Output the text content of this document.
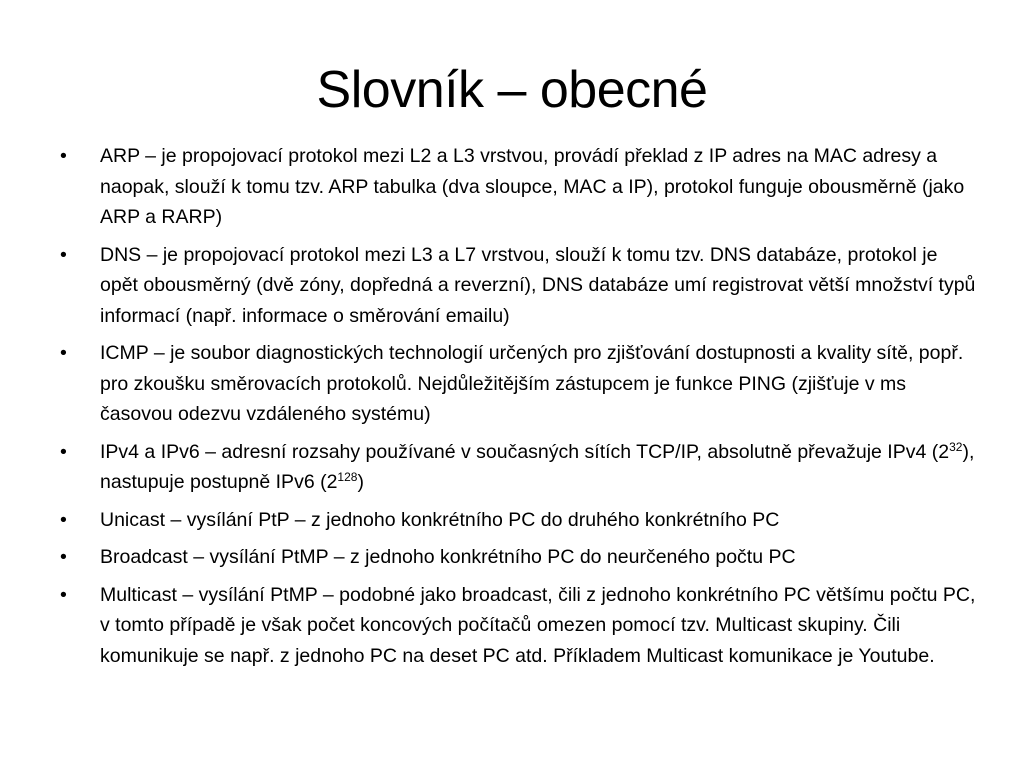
Slovník – obecné
• ARP – je propojovací protokol mezi L2 a L3 vrstvou, provádí překlad z IP adres na MAC adresy a naopak, slouží k tomu tzv. ARP tabulka (dva sloupce, MAC a IP), protokol funguje obousměrně (jako ARP a RARP)
• DNS – je propojovací protokol mezi L3 a L7 vrstvou, slouží k tomu tzv. DNS databáze, protokol je opět obousměrný (dvě zóny, dopředná a reverzní), DNS databáze umí registrovat větší množství typů informací (např. informace o směrování emailu)
• ICMP – je soubor diagnostických technologií určených pro zjišťování dostupnosti a kvality sítě, popř. pro zkoušku směrovacích protokolů. Nejdůležitějším zástupcem je funkce PING (zjišťuje v ms časovou odezvu vzdáleného systému)
• IPv4 a IPv6 – adresní rozsahy používané v současných sítích TCP/IP, absolutně převažuje IPv4 $(2^{32})$, nastupuje postupně IPv6 $(2^{128})$
• Unicast – vysílání PtP – z jednoho konkrétního PC do druhého konkrétního PC
• Broadcast – vysílání PtMP – z jednoho konkrétního PC do neurčeného počtu PC
• Multicast – vysílání PtMP – podobné jako broadcast, čili z jednoho konkrétního PC většímu počtu PC, v tomto případě je však počet koncových počítačů omezen pomocí tzv. Multicast skupiny. Čili komunikuje se např. z jednoho PC na deset PC atd. Příkladem Multicast komunikace je Youtube.
